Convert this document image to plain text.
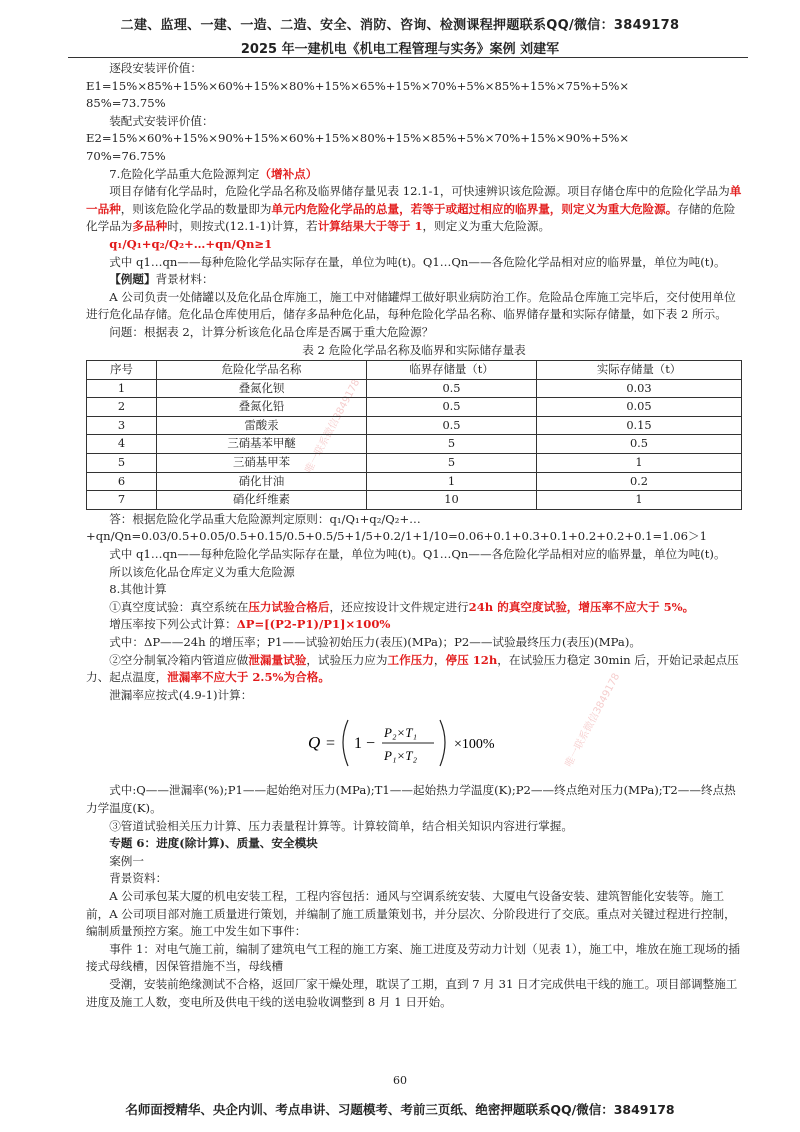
二建、监理、一建、一造、二造、安全、消防、咨询、检测课程押题联系QQ/微信：3849178
2025 年一建机电《机电工程管理与实务》案例 刘建军
唯一联系微信3849178
唯一联系微信3849178

逐段安装评价值：E1=15%×85%+15%×60%+15%×80%+15%×65%+15%×70%+5%×85%+15%×75%+5%×

85%=73.75%

装配式安装评价值：E2=15%×60%+15%×90%+15%×60%+15%×80%+15%×85%+5%×70%+15%×90%+5%×

70%=76.75%

7.危险化学品重大危险源判定（增补点）

项目存储有化学品时，危险化学品名称及临界储存量见表 12.1-1，可快速辨识该危险源。项目存储仓库中的危险化学品为单一品种，则该危险化学品的数量即为单元内危险化学品的总量，若等于或超过相应的临界量，则定义为重大危险源。存储的危险化学品为多品种时，则按式(12.1-1)计算，若计算结果大于等于 1，则定义为重大危险源。

q₁/Q₁+q₂/Q₂+…+qn/Qn≥1

式中 q1…qn——每种危险化学品实际存在量，单位为吨(t)。Q1…Qn——各危险化学品相对应的临界量，单位为吨(t)。

【例题】背景材料：

A 公司负责一处储罐以及危化品仓库施工，施工中对储罐焊工做好职业病防治工作。危险品仓库施工完毕后，交付使用单位进行危化品存储。危化品仓库使用后，储存多品种危化品，每种危险化学品名称、临界储存量和实际存储量，如下表 2 所示。

问题：根据表 2，计算分析该危化品仓库是否属于重大危险源？

表 2 危险化学品名称及临界和实际储存量表

序号	危险化学品名称	临界存储量（t）	实际存储量（t）
1	叠氮化钡	0.5	0.03
2	叠氮化铅	0.5	0.05
3	雷酸汞	0.5	0.15
4	三硝基苯甲醚	5	0.5
5	三硝基甲苯	5	1
6	硝化甘油	1	0.2
7	硝化纤维素	10	1

答：根据危险化学品重大危险源判定原则：q₁/Q₁+q₂/Q₂+…

+qn/Qn=0.03/0.5+0.05/0.5+0.15/0.5+0.5/5+1/5+0.2/1+1/10=0.06+0.1+0.3+0.1+0.2+0.2+0.1=1.06＞1

式中 q1…qn——每种危险化学品实际存在量，单位为吨(t)。Q1…Qn——各危险化学品相对应的临界量，单位为吨(t)。

所以该危化品仓库定义为重大危险源

8.其他计算

①真空度试验：真空系统在压力试验合格后，还应按设计文件规定进行24h 的真空度试验，增压率不应大于 5%。

增压率按下列公式计算：ΔP=[(P2-P1)/P1]×100%

式中：ΔP——24h 的增压率；P1——试验初始压力(表压)(MPa)；P2——试验最终压力(表压)(MPa)。

②空分制氧冷箱内管道应做泄漏量试验，试验压力应为工作压力，停压 12h，在试验压力稳定 30min 后，开始记录起点压力、起点温度，泄漏率不应大于 2.5%为合格。

泄漏率应按式(4.9-1)计算：

Q = 1 −
P₂×T₁
P₁×T₂
×100%

式中:Q——泄漏率(%);P1——起始绝对压力(MPa);T1——起始热力学温度(K);P2——终点绝对压力(MPa);T2——终点热力学温度(K)。

③管道试验相关压力计算、压力表量程计算等。计算较简单，结合相关知识内容进行掌握。

专题 6：进度(除计算)、质量、安全模块

案例一

背景资料：

A 公司承包某大厦的机电安装工程，工程内容包括：通风与空调系统安装、大厦电气设备安装、建筑智能化安装等。施工前，A 公司项目部对施工质量进行策划，并编制了施工质量策划书，并分层次、分阶段进行了交底。重点对关键过程进行控制，编制质量预控方案。施工中发生如下事件：

事件 1：对电气施工前，编制了建筑电气工程的施工方案、施工进度及劳动力计划（见表 1），施工中，堆放在施工现场的插接式母线槽，因保管措施不当，母线槽

受潮，安装前绝缘测试不合格，返回厂家干燥处理，耽误了工期，直到 7 月 31 日才完成供电干线的施工。项目部调整施工进度及施工人数，变电所及供电干线的送电验收调整到 8 月 1 日开始。

60
名师面授精华、央企内训、考点串讲、习题模考、考前三页纸、绝密押题联系QQ/微信：3849178
